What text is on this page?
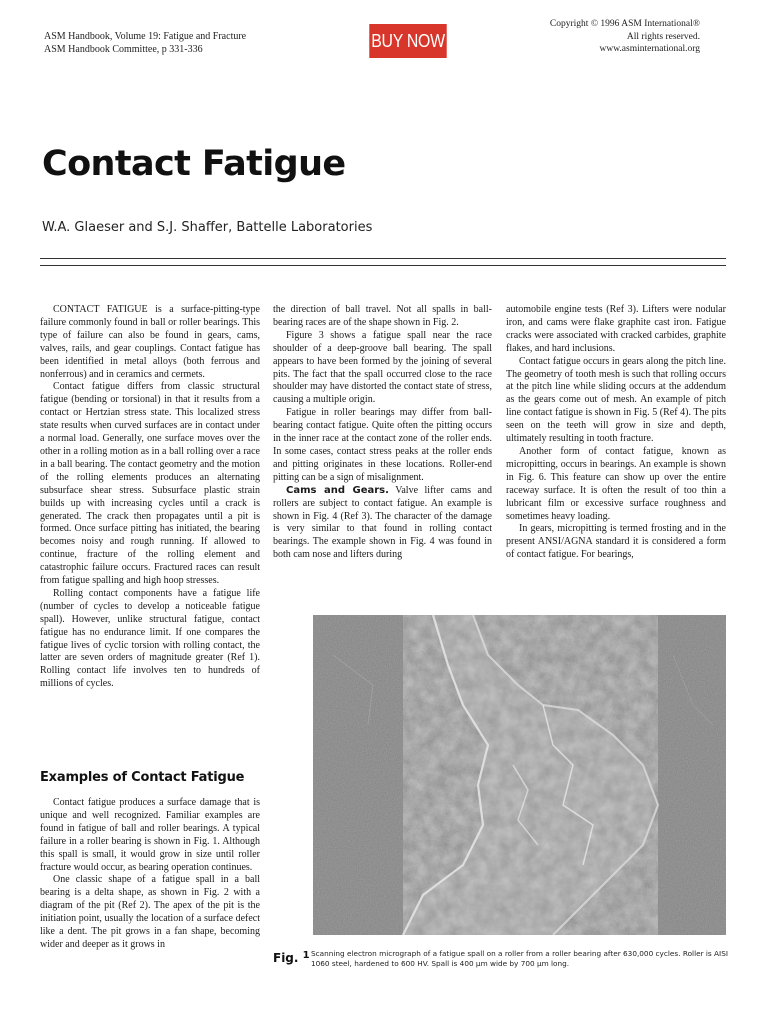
ASM Handbook, Volume 19: Fatigue and Fracture
ASM Handbook Committee, p 331-336	BUY NOW
Copyright © 1996 ASM International®
All rights reserved.
www.asminternational.org
Contact Fatigue
W.A. Glaeser and S.J. Shaffer, Battelle Laboratories

CONTACT FATIGUE is a surface-pitting-type failure commonly found in ball or roller bearings. This type of failure can also be found in gears, cams, valves, rails, and gear couplings. Contact fatigue has been identified in metal alloys (both ferrous and nonferrous) and in ceramics and cermets.

Contact fatigue differs from classic structural fatigue (bending or torsional) in that it results from a contact or Hertzian stress state. This localized stress state results when curved surfaces are in contact under a normal load. Generally, one surface moves over the other in a rolling motion as in a ball rolling over a race in a ball bearing. The contact geometry and the motion of the rolling elements produces an alternating subsurface shear stress. Subsurface plastic strain builds up with increasing cycles until a crack is generated. The crack then propagates until a pit is formed. Once surface pitting has initiated, the bearing becomes noisy and rough running. If allowed to continue, fracture of the rolling element and catastrophic failure occurs. Fractured races can result from fatigue spalling and high hoop stresses.

Rolling contact components have a fatigue life (number of cycles to develop a noticeable fatigue spall). However, unlike structural fatigue, contact fatigue has no endurance limit. If one compares the fatigue lives of cyclic torsion with rolling contact, the latter are seven orders of magnitude greater (Ref 1). Rolling contact life involves ten to hundreds of millions of cycles.

Examples of Contact Fatigue

Contact fatigue produces a surface damage that is unique and well recognized. Familiar examples are found in fatigue of ball and roller bearings. A typical failure in a roller bearing is shown in Fig. 1. Although this spall is small, it would grow in size until roller fracture would occur, as bearing operation continues.

One classic shape of a fatigue spall in a ball bearing is a delta shape, as shown in Fig. 2 with a diagram of the pit (Ref 2). The apex of the pit is the initiation point, usually the location of a surface defect like a dent. The pit grows in a fan shape, becoming wider and deeper as it grows in

the direction of ball travel. Not all spalls in ball-bearing races are of the shape shown in Fig. 2.

Figure 3 shows a fatigue spall near the race shoulder of a deep-groove ball bearing. The spall appears to have been formed by the joining of several pits. The fact that the spall occurred close to the race shoulder may have distorted the contact state of stress, causing a multiple origin.

Fatigue in roller bearings may differ from ball-bearing contact fatigue. Quite often the pitting occurs in the inner race at the contact zone of the roller ends. In some cases, contact stress peaks at the roller ends and pitting originates in these locations. Roller-end pitting can be a sign of misalignment.

Cams and Gears. Valve lifter cams and rollers are subject to contact fatigue. An example is shown in Fig. 4 (Ref 3). The character of the damage is very similar to that found in rolling contact bearings. The example shown in Fig. 4 was found in both cam nose and lifters during

automobile engine tests (Ref 3). Lifters were nodular iron, and cams were flake graphite cast iron. Fatigue cracks were associated with cracked carbides, graphite flakes, and hard inclusions.

Contact fatigue occurs in gears along the pitch line. The geometry of tooth mesh is such that rolling occurs at the pitch line while sliding occurs at the addendum as the gears come out of mesh. An example of pitch line contact fatigue is shown in Fig. 5 (Ref 4). The pits seen on the teeth will grow in size and depth, ultimately resulting in tooth fracture.

Another form of contact fatigue, known as micropitting, occurs in bearings. An example is shown in Fig. 6. This feature can show up over the entire raceway surface. It is often the result of too thin a lubricant film or excessive surface roughness and sometimes heavy loading.

In gears, micropitting is termed frosting and in the present ANSI/AGNA standard it is considered a form of contact fatigue. For bearings,

Fig. $^1$ Scanning electron micrograph of a fatigue spall on a roller from a roller bearing after 630,000 cycles. Roller is AISI 1060 steel, hardened to 600 HV. Spall is 400 µm wide by 700 µm long.
